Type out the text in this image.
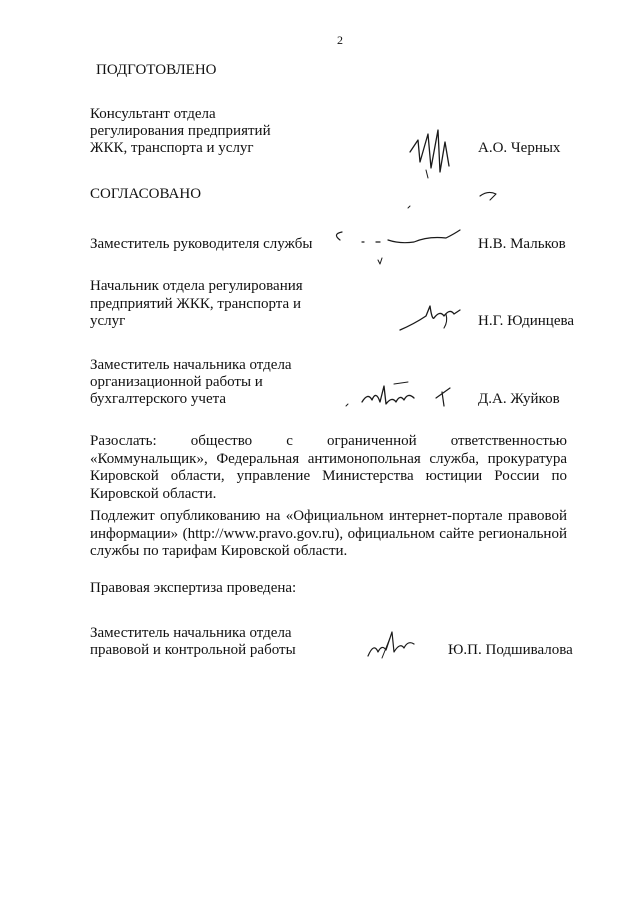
2
ПОДГОТОВЛЕНО
Консультант отдела
регулирования предприятий
ЖКК, транспорта и услуг	А.О. Черных
СОГЛАСОВАНО
Заместитель руководителя службы	Н.В. Мальков
Начальник отдела регулирования
предприятий ЖКК, транспорта и
услуг	Н.Г. Юдинцева
Заместитель начальника отдела
организационной работы и
бухгалтерского учета	Д.А. Жуйков
Разослать: общество с ограниченной ответственностью «Коммунальщик», Федеральная антимонопольная служба, прокуратура Кировской области, управление Министерства юстиции России по Кировской области.
Подлежит опубликованию на «Официальном интернет-портале правовой информации» (http://www.pravo.gov.ru), официальном сайте региональной службы по тарифам Кировской области.
Правовая экспертиза проведена:
Заместитель начальника отдела
правовой и контрольной работы	Ю.П. Подшивалова
